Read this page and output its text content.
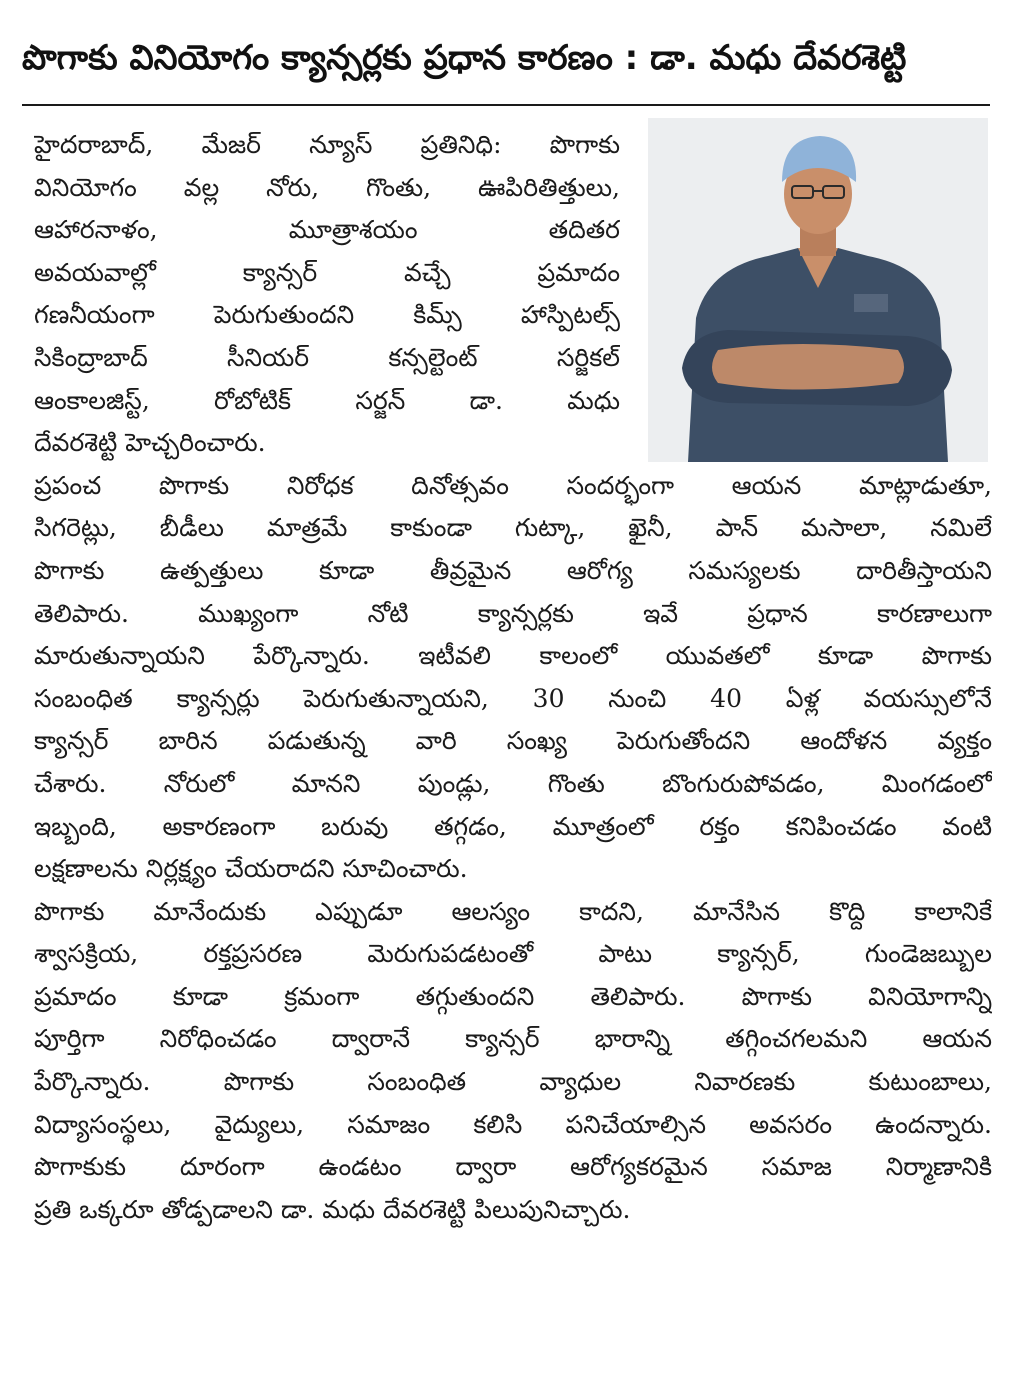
పొగాకు వినియోగం క్యాన్సర్లకు ప్రధాన కారణం : డా. మధు దేవరశెట్టి

హైదరాబాద్, మేజర్ న్యూస్ ప్రతినిధి: పొగాకు
వినియోగం వల్ల నోరు, గొంతు, ఊపిరితిత్తులు,
ఆహారనాళం, మూత్రాశయం తదితర
అవయవాల్లో క్యాన్సర్ వచ్చే ప్రమాదం
గణనీయంగా పెరుగుతుందని కిమ్స్ హాస్పిటల్స్
సికింద్రాబాద్ సీనియర్ కన్సల్టెంట్ సర్జికల్
ఆంకాలజిస్ట్, రోబోటిక్ సర్జన్ డా. మధు
దేవరశెట్టి హెచ్చరించారు.

ప్రపంచ పొగాకు నిరోధక దినోత్సవం సందర్భంగా ఆయన మాట్లాడుతూ,
సిగరెట్లు, బీడీలు మాత్రమే కాకుండా గుట్కా, ఖైనీ, పాన్ మసాలా, నమిలే
పొగాకు ఉత్పత్తులు కూడా తీవ్రమైన ఆరోగ్య సమస్యలకు దారితీస్తాయని
తెలిపారు. ముఖ్యంగా నోటి క్యాన్సర్లకు ఇవే ప్రధాన కారణాలుగా
మారుతున్నాయని పేర్కొన్నారు. ఇటీవలి కాలంలో యువతలో కూడా పొగాకు
సంబంధిత క్యాన్సర్లు పెరుగుతున్నాయని, 30 నుంచి 40 ఏళ్ల వయస్సులోనే
క్యాన్సర్ బారిన పడుతున్న వారి సంఖ్య పెరుగుతోందని ఆందోళన వ్యక్తం
చేశారు. నోరులో మానని పుండ్లు, గొంతు బొంగురుపోవడం, మింగడంలో
ఇబ్బంది, అకారణంగా బరువు తగ్గడం, మూత్రంలో రక్తం కనిపించడం వంటి
లక్షణాలను నిర్లక్ష్యం చేయరాదని సూచించారు.

పొగాకు మానేందుకు ఎప్పుడూ ఆలస్యం కాదని, మానేసిన కొద్ది కాలానికే
శ్వాసక్రియ, రక్తప్రసరణ మెరుగుపడటంతో పాటు క్యాన్సర్, గుండెజబ్బుల
ప్రమాదం కూడా క్రమంగా తగ్గుతుందని తెలిపారు. పొగాకు వినియోగాన్ని
పూర్తిగా నిరోధించడం ద్వారానే క్యాన్సర్ భారాన్ని తగ్గించగలమని ఆయన
పేర్కొన్నారు. పొగాకు సంబంధిత వ్యాధుల నివారణకు కుటుంబాలు,
విద్యాసంస్థలు, వైద్యులు, సమాజం కలిసి పనిచేయాల్సిన అవసరం ఉందన్నారు.
పొగాకుకు దూరంగా ఉండటం ద్వారా ఆరోగ్యకరమైన సమాజ నిర్మాణానికి
ప్రతి ఒక్కరూ తోడ్పడాలని డా. మధు దేవరశెట్టి పిలుపునిచ్చారు.
